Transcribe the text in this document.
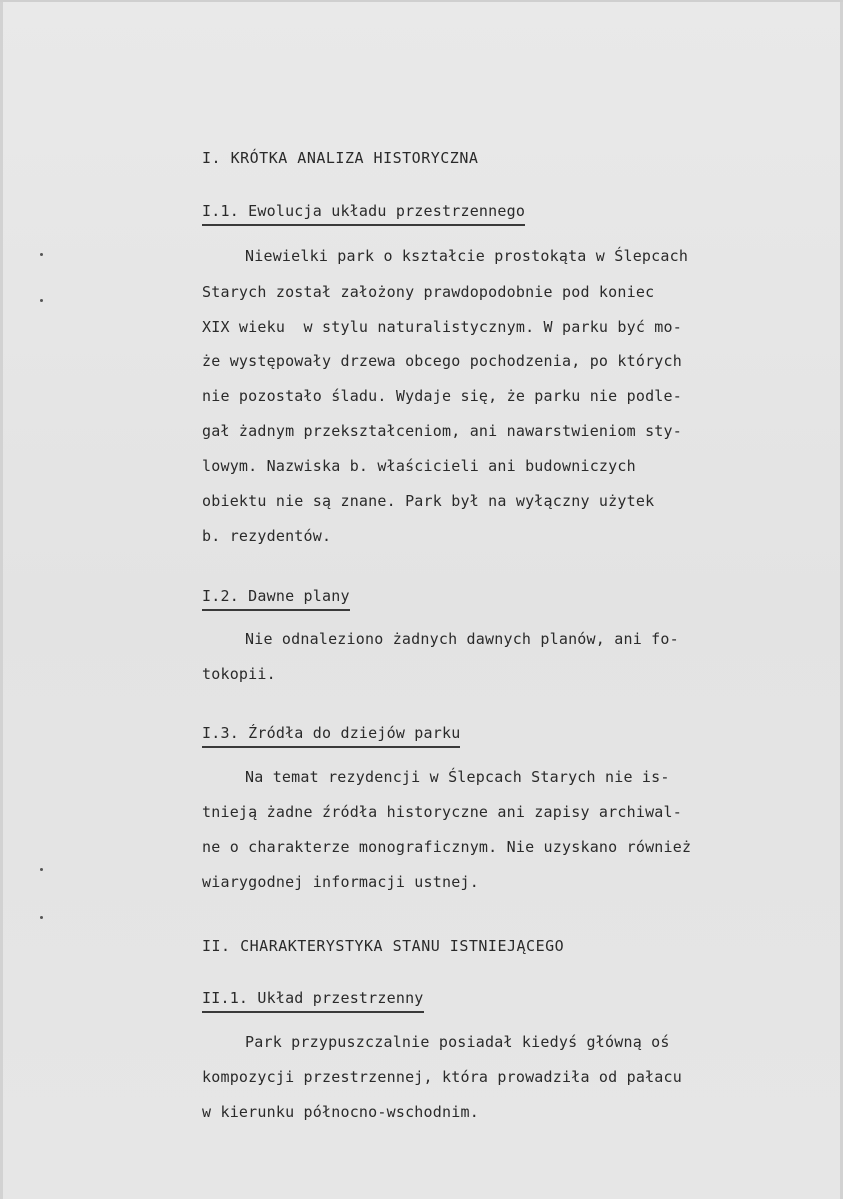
I. KRÓTKA ANALIZA HISTORYCZNA
I.1. Ewolucja układu przestrzennego
Niewielki park o kształcie prostokąta w Ślepcach
Starych został założony prawdopodobnie pod koniec
XIX wieku  w stylu naturalistycznym. W parku być mo-
że występowały drzewa obcego pochodzenia, po których
nie pozostało śladu. Wydaje się, że parku nie podle-
gał żadnym przekształceniom, ani nawarstwieniom sty-
lowym. Nazwiska b. właścicieli ani budowniczych
obiektu nie są znane. Park był na wyłączny użytek
b. rezydentów.
I.2. Dawne plany
Nie odnaleziono żadnych dawnych planów, ani fo-
tokopii.
I.3. Źródła do dziejów parku
Na temat rezydencji w Ślepcach Starych nie is-
tnieją żadne źródła historyczne ani zapisy archiwal-
ne o charakterze monograficznym. Nie uzyskano również
wiarygodnej informacji ustnej.
II. CHARAKTERYSTYKA STANU ISTNIEJĄCEGO
II.1. Układ przestrzenny
Park przypuszczalnie posiadał kiedyś główną oś
kompozycji przestrzennej, która prowadziła od pałacu
w kierunku północno-wschodnim.
